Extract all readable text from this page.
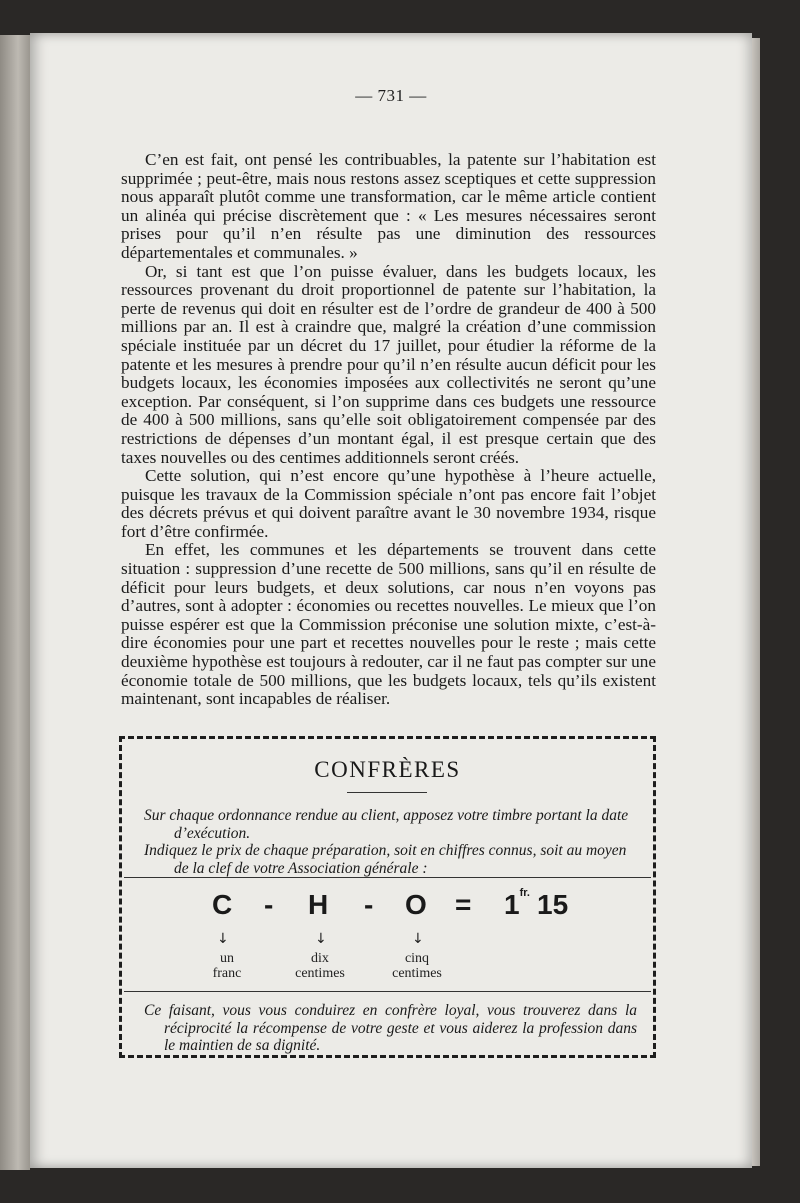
— 731 —

C’en est fait, ont pensé les contribuables, la patente sur l’habitation est supprimée ; peut-être, mais nous restons assez sceptiques et cette suppression nous apparaît plutôt comme une transformation, car le même article contient un alinéa qui précise discrètement que : « Les mesures nécessaires seront prises pour qu’il n’en résulte pas une diminution des ressources départementales et communales. »

Or, si tant est que l’on puisse évaluer, dans les budgets locaux, les ressources provenant du droit proportionnel de patente sur l’habitation, la perte de revenus qui doit en résulter est de l’ordre de grandeur de 400 à 500 millions par an. Il est à craindre que, malgré la création d’une commission spéciale instituée par un décret du 17 juillet, pour étudier la réforme de la patente et les mesures à prendre pour qu’il n’en résulte aucun déficit pour les budgets locaux, les économies imposées aux collectivités ne seront qu’une exception. Par conséquent, si l’on supprime dans ces budgets une ressource de 400 à 500 millions, sans qu’elle soit obligatoirement compensée par des restrictions de dépenses d’un montant égal, il est presque certain que des taxes nouvelles ou des centimes additionnels seront créés.

Cette solution, qui n’est encore qu’une hypothèse à l’heure actuelle, puisque les travaux de la Commission spéciale n’ont pas encore fait l’objet des décrets prévus et qui doivent paraître avant le 30 novembre 1934, risque fort d’être confirmée.

En effet, les communes et les départements se trouvent dans cette situation : suppression d’une recette de 500 millions, sans qu’il en résulte de déficit pour leurs budgets, et deux solutions, car nous n’en voyons pas d’autres, sont à adopter : économies ou recettes nouvelles. Le mieux que l’on puisse espérer est que la Commission préconise une solution mixte, c’est-à-dire économies pour une part et recettes nouvelles pour le reste ; mais cette deuxième hypothèse est toujours à redouter, car il ne faut pas compter sur une économie totale de 500 millions, que les budgets locaux, tels qu’ils existent maintenant, sont incapables de réaliser.

CONFRÈRES

Sur chaque ordonnance rendue au client, apposez votre timbre portant la date d’exécution.

Indiquez le prix de chaque préparation, soit en chiffres connus, soit au moyen de la clef de votre Association générale :

$C - H - O = 1^{fr.}$ 15
↓	↓	↓
un
franc
dix
centimes
cinq
centimes

Ce faisant, vous vous conduirez en confrère loyal, vous trouverez dans la réciprocité la récompense de votre geste et vous aiderez la profession dans le maintien de sa dignité.
